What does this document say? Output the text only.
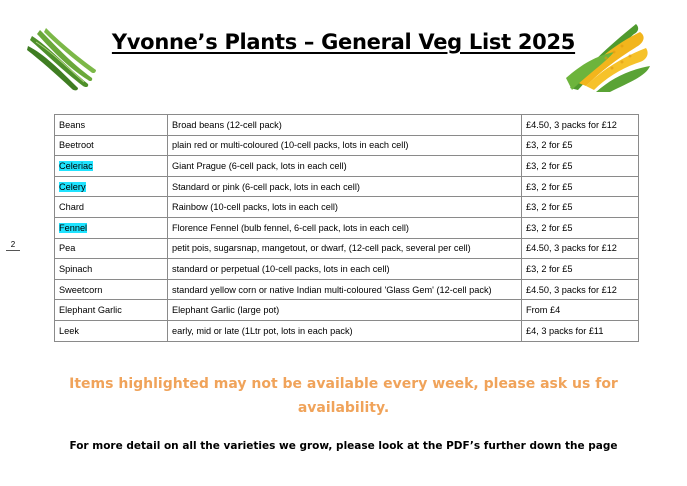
Yvonne’s Plants – General Veg List 2025
2
Beans	Broad beans (12-cell pack)	£4.50, 3 packs for £12
Beetroot	plain red or multi-coloured (10-cell packs, lots in each cell)	£3, 2 for £5
Celeriac	Giant Prague (6-cell pack, lots in each cell)	£3, 2 for £5
Celery	Standard or pink (6-cell pack, lots in each cell)	£3, 2 for £5
Chard	Rainbow (10-cell packs, lots in each cell)	£3, 2 for £5
Fennel	Florence Fennel (bulb fennel, 6-cell pack, lots in each cell)	£3, 2 for £5
Pea	petit pois, sugarsnap, mangetout, or dwarf, (12-cell pack, several per cell)	£4.50, 3 packs for £12
Spinach	standard or perpetual (10-cell packs, lots in each cell)	£3, 2 for £5
Sweetcorn	standard yellow corn or native Indian multi-coloured 'Glass Gem' (12-cell pack)	£4.50, 3 packs for £12
Elephant Garlic	Elephant Garlic (large pot)	From £4
Leek	early, mid or late (1Ltr pot, lots in each pack)	£4, 3 packs for £11
Items highlighted may not be available every week, please ask us for availability.
For more detail on all the varieties we grow, please look at the PDF’s further down the page
